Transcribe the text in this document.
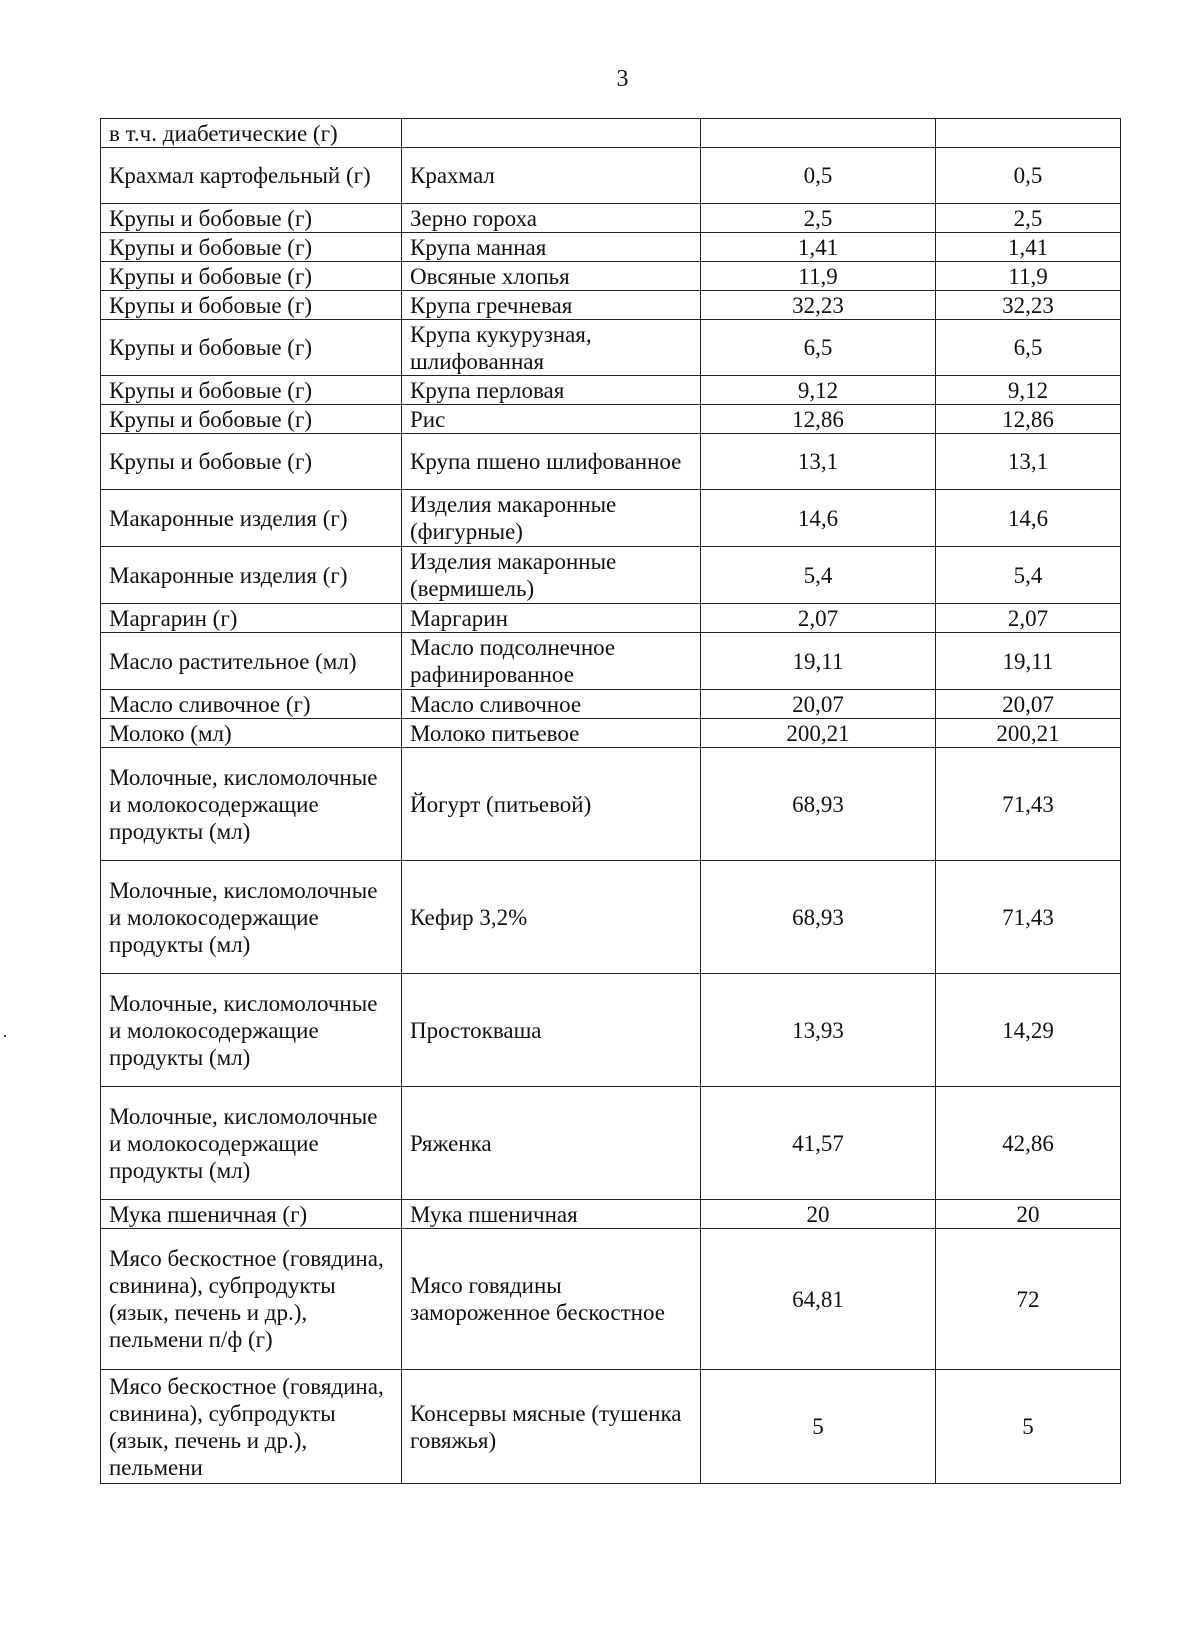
3
в т.ч. диабетические (г)			
Крахмал картофельный (г)	Крахмал	0,5	0,5
Крупы и бобовые (г)	Зерно гороха	2,5	2,5
Крупы и бобовые (г)	Крупа манная	1,41	1,41
Крупы и бобовые (г)	Овсяные хлопья	11,9	11,9
Крупы и бобовые (г)	Крупа гречневая	32,23	32,23
Крупы и бобовые (г)	Крупа кукурузная, шлифованная	6,5	6,5
Крупы и бобовые (г)	Крупа перловая	9,12	9,12
Крупы и бобовые (г)	Рис	12,86	12,86
Крупы и бобовые (г)	Крупа пшено шлифованное	13,1	13,1
Макаронные изделия (г)	Изделия макаронные (фигурные)	14,6	14,6
Макаронные изделия (г)	Изделия макаронные (вермишель)	5,4	5,4
Маргарин (г)	Маргарин	2,07	2,07
Масло растительное (мл)	Масло подсолнечное рафинированное	19,11	19,11
Масло сливочное (г)	Масло сливочное	20,07	20,07
Молоко (мл)	Молоко питьевое	200,21	200,21
Молочные, кисломолочные и молокосодержащие продукты (мл)	Йогурт (питьевой)	68,93	71,43
Молочные, кисломолочные и молокосодержащие продукты (мл)	Кефир 3,2%	68,93	71,43
Молочные, кисломолочные и молокосодержащие продукты (мл)	Простокваша	13,93	14,29
Молочные, кисломолочные и молокосодержащие продукты (мл)	Ряженка	41,57	42,86
Мука пшеничная (г)	Мука пшеничная	20	20
Мясо бескостное (говядина, свинина), субпродукты (язык, печень и др.), пельмени п/ф (г)	Мясо говядины замороженное бескостное	64,81	72
Мясо бескостное (говядина, свинина), субпродукты (язык, печень и др.), пельмени	Консервы мясные (тушенка говяжья)	5	5
